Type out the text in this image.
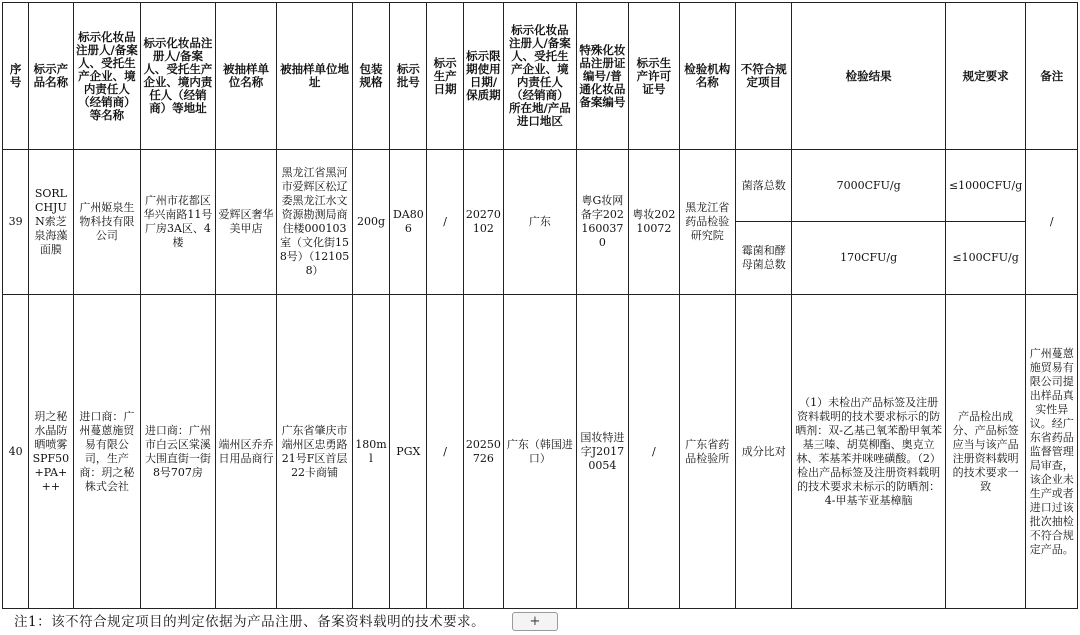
序号	标示产品名称	标示化妆品注册人/备案人、受托生产企业、境内责任人（经销商）等名称	标示化妆品注册人/备案人、受托生产企业、境内责任人（经销商）等地址	被抽样单位名称	被抽样单位地址	包装规格	标示批号	标示生产日期	标示限期使用日期/保质期	标示化妆品注册人/备案人、受托生产企业、境内责任人（经销商）所在地/产品进口地区	特殊化妆品注册证编号/普通化妆品备案编号	标示生产许可证号	检验机构名称	不符合规定项目	检验结果	规定要求	备注
39	SORLCHJUN索芝泉海藻面膜	广州姬泉生物科技有限公司	广州市花都区华兴南路11号厂房3A区、4楼	爱辉区奢华美甲店	黑龙江省黑河市爱辉区松辽委黑龙江水文资源勘测局商住楼000103室（文化街158号）（121058）	200g	DA806	/	20270102	广东	粤G妆网备字2021600370	粤妆20210072	黑龙江省药品检验研究院	菌落总数	7000CFU/g	≤1000CFU/g	/
														霉菌和酵母菌总数	170CFU/g	≤100CFU/g	
40	玥之秘水晶防晒喷雾SPF50+PA+++	进口商：广州蔓蒽施贸易有限公司，生产商：玥之秘株式会社	进口商：广州市白云区棠溪大围直街一街8号707房	端州区乔乔日用品商行	广东省肇庆市端州区忠勇路21号F区首层22卡商铺	180ml	PGX	/	20250726	广东（韩国进口）	国妆特进字J20170054	/	广东省药品检验所	成分比对	（1）未检出产品标签及注册资料载明的技术要求标示的防晒剂：双-乙基己氧苯酚甲氧苯基三嗪、胡莫柳酯、奥克立林、苯基苯并咪唑磺酸。（2）检出产品标签及注册资料载明的技术要求未标示的防晒剂：4-甲基苄亚基樟脑	产品检出成分、产品标签应当与该产品注册资料载明的技术要求一致	广州蔓蒽施贸易有限公司提出样品真实性异议。经广东省药品监督管理局审查，该企业未生产或者进口过该批次抽检不符合规定产品。
注1：该不符合规定项目的判定依据为产品注册、备案资料载明的技术要求。	+
